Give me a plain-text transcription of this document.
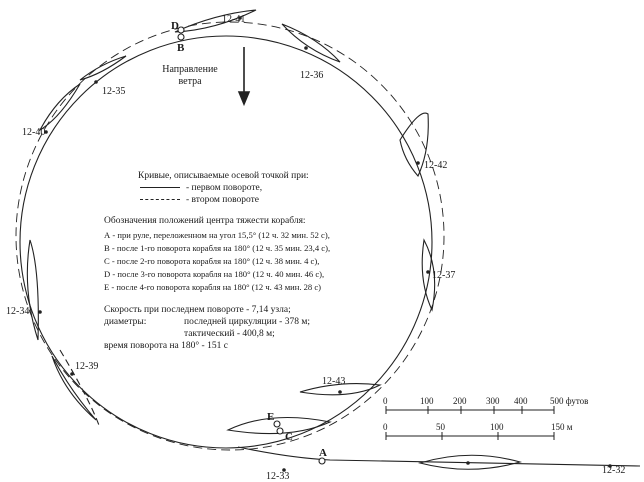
12-41
12-36
12-35
12-40
12-42
12-37
12-34
12-39
12-43
12-33
12-32
D
B
E
C
A
Направление
ветра
Кривые, описываемые осевой точкой при:
- первом повороте,
- втором повороте
Обозначения положений центра тяжести корабля:
А - при руле, переложенном на угол 15,5° (12 ч. 32 мин. 52 с),
В - после 1-го поворота корабля на 180° (12 ч. 35 мин. 23,4 с),
С - после 2-го поворота корабля на 180° (12 ч. 38 мин. 4 с),
D - после 3-го поворота корабля на 180° (12 ч. 40 мин. 46 с),
Е - после 4-го поворота корабля на 180° (12 ч. 43 мин. 28 с)
Скорость при последнем повороте - 7,14 узла;
диаметры:	последней циркуляции - 378 м;
тактический - 400,8 м;
время поворота на 180° - 151 с
0	100 200 300 400	500 футов
0	50	100	150 м
